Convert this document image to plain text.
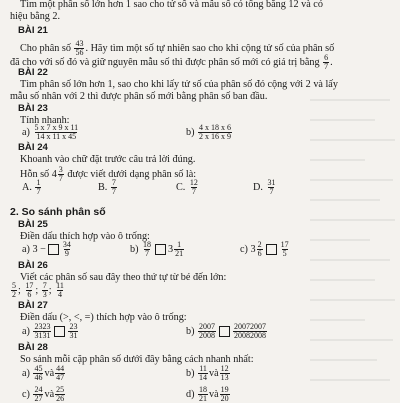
Tìm một phân số lớn hơn 1 sao cho tử số và mẫu số có tổng bằng 12 và có
hiệu bằng 2.
BÀI 21
Cho phân số $\frac{43}{56}$ . Hãy tìm một số tự nhiên sao cho khi cộng tử số của phân số
đã cho với số đó và giữ nguyên mẫu số thì được phân số mới có giá trị bằng $\frac{6}{7}$ .
BÀI 22
Tìm phân số lớn hơn 1, sao cho khi lấy tử số của phân số đó cộng với 2 và lấy
mẫu số nhân với 2 thì được phân số mới bằng phân số ban đầu.
BÀI 23
Tính nhanh:
$a) \frac{5 x 7 x 9 x 11}{14 x 11 x 45}$	$b) \frac{4 x 18 x 6}{2 x 16 x 9}$
BÀI 24
Khoanh vào chữ đặt trước câu trả lời đúng.
Hỗn số $4 \frac{3}{7}$ được viết dưới dạng phân số là:
A. $\frac{1}{7}$	B. $\frac{7}{7}$	C. $\frac{12}{7}$	D. $\frac{31}{7}$
2. So sánh phân số
BÀI 25
Điền dấu thích hợp vào ô trống:
a) $3 - \frac{34}{9}$	$b) \frac{18}{7} 3 \frac{1}{21}$	c) $3 \frac{2}{6} \frac{17}{5}$
BÀI 26
Viết các phân số sau đây theo thứ tự từ bé đến lớn:
$\frac{5}{2}$ ; $\frac{17}{6}$ ; $\frac{7}{3}$ ; $\frac{11}{4}$
BÀI 27
Điền dấu (>, <, =) thích hợp vào ô trống:
$a) \frac{2323}{3131} \frac{23}{31}$	$b) \frac{2007}{2008} \frac{20072007}{20082008}$
BÀI 28
So sánh mỗi cặp phân số dưới đây bằng cách nhanh nhất:
$a) \frac{45}{46}$ và $\frac{44}{47}$	$b) \frac{11}{14}$ và $\frac{12}{13}$
$c) \frac{24}{27}$ và $\frac{25}{26}$	$d) \frac{18}{21}$ và $\frac{19}{20}$
